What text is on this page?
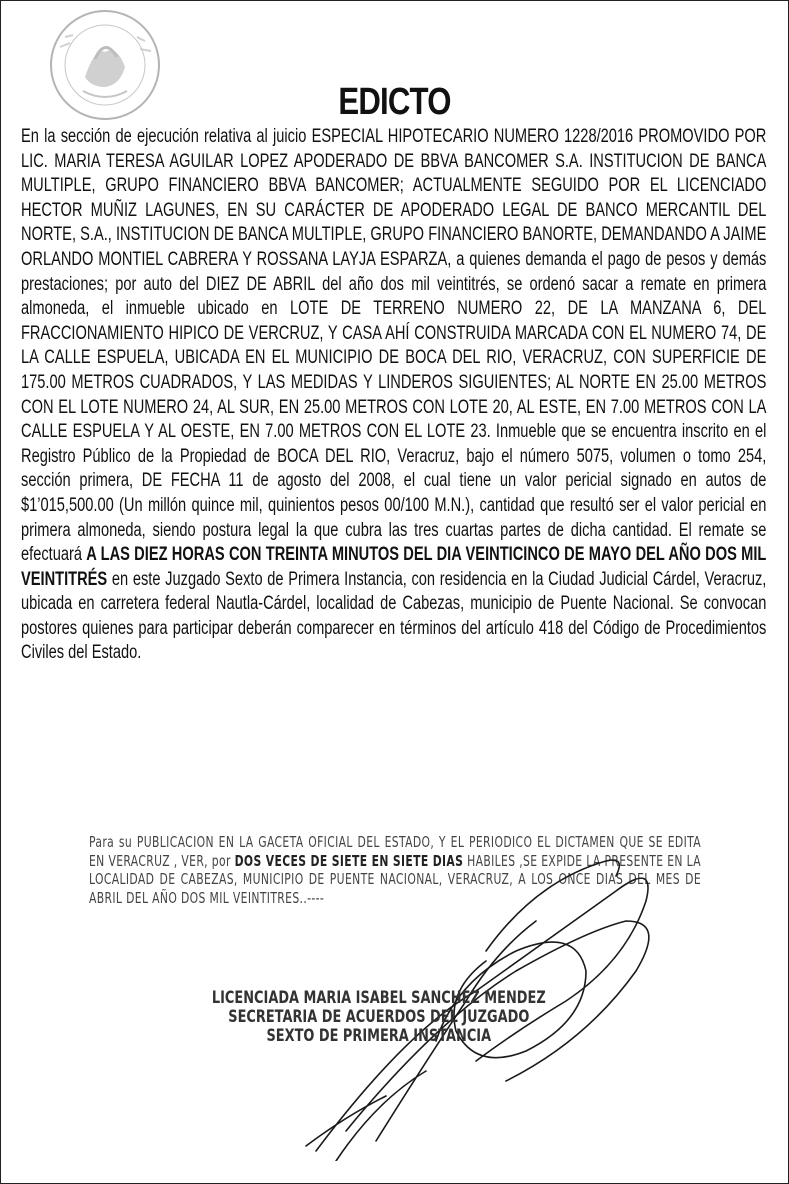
EDICTO

En la sección de ejecución relativa al juicio ESPECIAL HIPOTECARIO NUMERO 1228/2016 PROMOVIDO POR LIC. MARIA TERESA AGUILAR LOPEZ APODERADO DE BBVA BANCOMER S.A. INSTITUCION DE BANCA MULTIPLE, GRUPO FINANCIERO BBVA BANCOMER; ACTUALMENTE SEGUIDO POR EL LICENCIADO HECTOR MUÑIZ LAGUNES, EN SU CARÁCTER DE APODERADO LEGAL DE BANCO MERCANTIL DEL NORTE, S.A., INSTITUCION DE BANCA MULTIPLE, GRUPO FINANCIERO BANORTE, DEMANDANDO A JAIME ORLANDO MONTIEL CABRERA Y ROSSANA LAYJA ESPARZA, a quienes demanda el pago de pesos y demás prestaciones; por auto del DIEZ DE ABRIL del año dos mil veintitrés, se ordenó sacar a remate en primera almoneda, el inmueble ubicado en LOTE DE TERRENO NUMERO 22, DE LA MANZANA 6, DEL FRACCIONAMIENTO HIPICO DE VERCRUZ, Y CASA AHÍ CONSTRUIDA MARCADA CON EL NUMERO 74, DE LA CALLE ESPUELA, UBICADA EN EL MUNICIPIO DE BOCA DEL RIO, VERACRUZ, CON SUPERFICIE DE 175.00 METROS CUADRADOS, Y LAS MEDIDAS Y LINDEROS SIGUIENTES; AL NORTE EN 25.00 METROS CON EL LOTE NUMERO 24, AL SUR, EN 25.00 METROS CON LOTE 20, AL ESTE, EN 7.00 METROS CON LA CALLE ESPUELA Y AL OESTE, EN 7.00 METROS CON EL LOTE 23. Inmueble que se encuentra inscrito en el Registro Público de la Propiedad de BOCA DEL RIO, Veracruz, bajo el número 5075, volumen o tomo 254, sección primera, DE FECHA 11 de agosto del 2008, el cual tiene un valor pericial signado en autos de $1’015,500.00 (Un millón quince mil, quinientos pesos 00/100 M.N.), cantidad que resultó ser el valor pericial en primera almoneda, siendo postura legal la que cubra las tres cuartas partes de dicha cantidad. El remate se efectuará A LAS DIEZ HORAS CON TREINTA MINUTOS DEL DIA VEINTICINCO DE MAYO DEL AÑO DOS MIL VEINTITRÉS en este Juzgado Sexto de Primera Instancia, con residencia en la Ciudad Judicial Cárdel, Veracruz, ubicada en carretera federal Nautla-Cárdel, localidad de Cabezas, municipio de Puente Nacional. Se convocan postores quienes para participar deberán comparecer en términos del artículo 418 del Código de Procedimientos Civiles del Estado.

Para su PUBLICACION EN LA GACETA OFICIAL DEL ESTADO, Y EL PERIODICO EL DICTAMEN QUE SE EDITA EN VERACRUZ , VER, por DOS VECES DE SIETE EN SIETE DIAS HABILES ,SE EXPIDE LA PRESENTE EN LA LOCALIDAD DE CABEZAS, MUNICIPIO DE PUENTE NACIONAL, VERACRUZ, A LOS ONCE DIAS DEL MES DE ABRIL DEL AÑO DOS MIL VEINTITRES..----
LICENCIADA MARIA ISABEL SANCHEZ MENDEZ
SECRETARIA DE ACUERDOS DEL JUZGADO
SEXTO DE PRIMERA INSTANCIA
